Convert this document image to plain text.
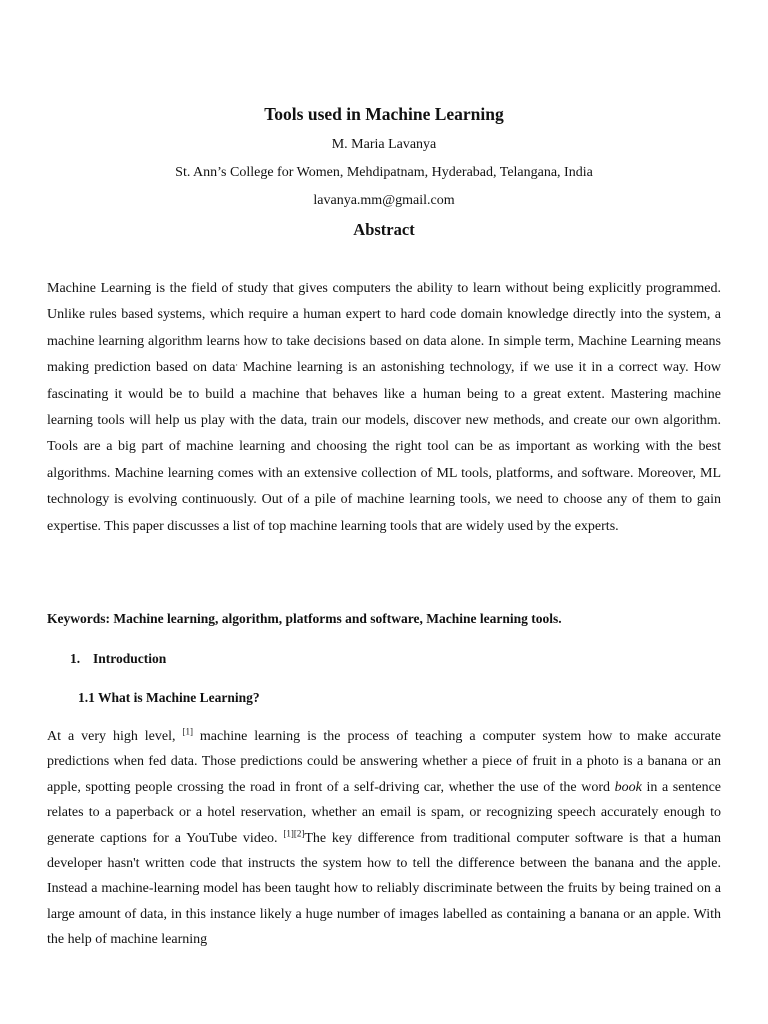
Tools used in Machine Learning

M. Maria Lavanya

St. Ann’s College for Women, Mehdipatnam, Hyderabad, Telangana, India

lavanya.mm@gmail.com

Abstract

Machine Learning is the field of study that gives computers the ability to learn without being explicitly programmed. Unlike rules based systems, which require a human expert to hard code domain knowledge directly into the system, a machine learning algorithm learns how to take decisions based on data alone. In simple term, Machine Learning means making prediction based on data. Machine learning is an astonishing technology, if we use it in a correct way. How fascinating it would be to build a machine that behaves like a human being to a great extent. Mastering machine learning tools will help us play with the data, train our models, discover new methods, and create our own algorithm. Tools are a big part of machine learning and choosing the right tool can be as important as working with the best algorithms. Machine learning comes with an extensive collection of ML tools, platforms, and software. Moreover, ML technology is evolving continuously. Out of a pile of machine learning tools, we need to choose any of them to gain expertise. This paper discusses a list of top machine learning tools that are widely used by the experts.

Keywords: Machine learning, algorithm, platforms and software, Machine learning tools.

1. Introduction
1.1 What is Machine Learning?

At a very high level, [1] machine learning is the process of teaching a computer system how to make accurate predictions when fed data. Those predictions could be answering whether a piece of fruit in a photo is a banana or an apple, spotting people crossing the road in front of a self-driving car, whether the use of the word book in a sentence relates to a paperback or a hotel reservation, whether an email is spam, or recognizing speech accurately enough to generate captions for a YouTube video. [1][2]The key difference from traditional computer software is that a human developer hasn't written code that instructs the system how to tell the difference between the banana and the apple. Instead a machine-learning model has been taught how to reliably discriminate between the fruits by being trained on a large amount of data, in this instance likely a huge number of images labelled as containing a banana or an apple. With the help of machine learning
